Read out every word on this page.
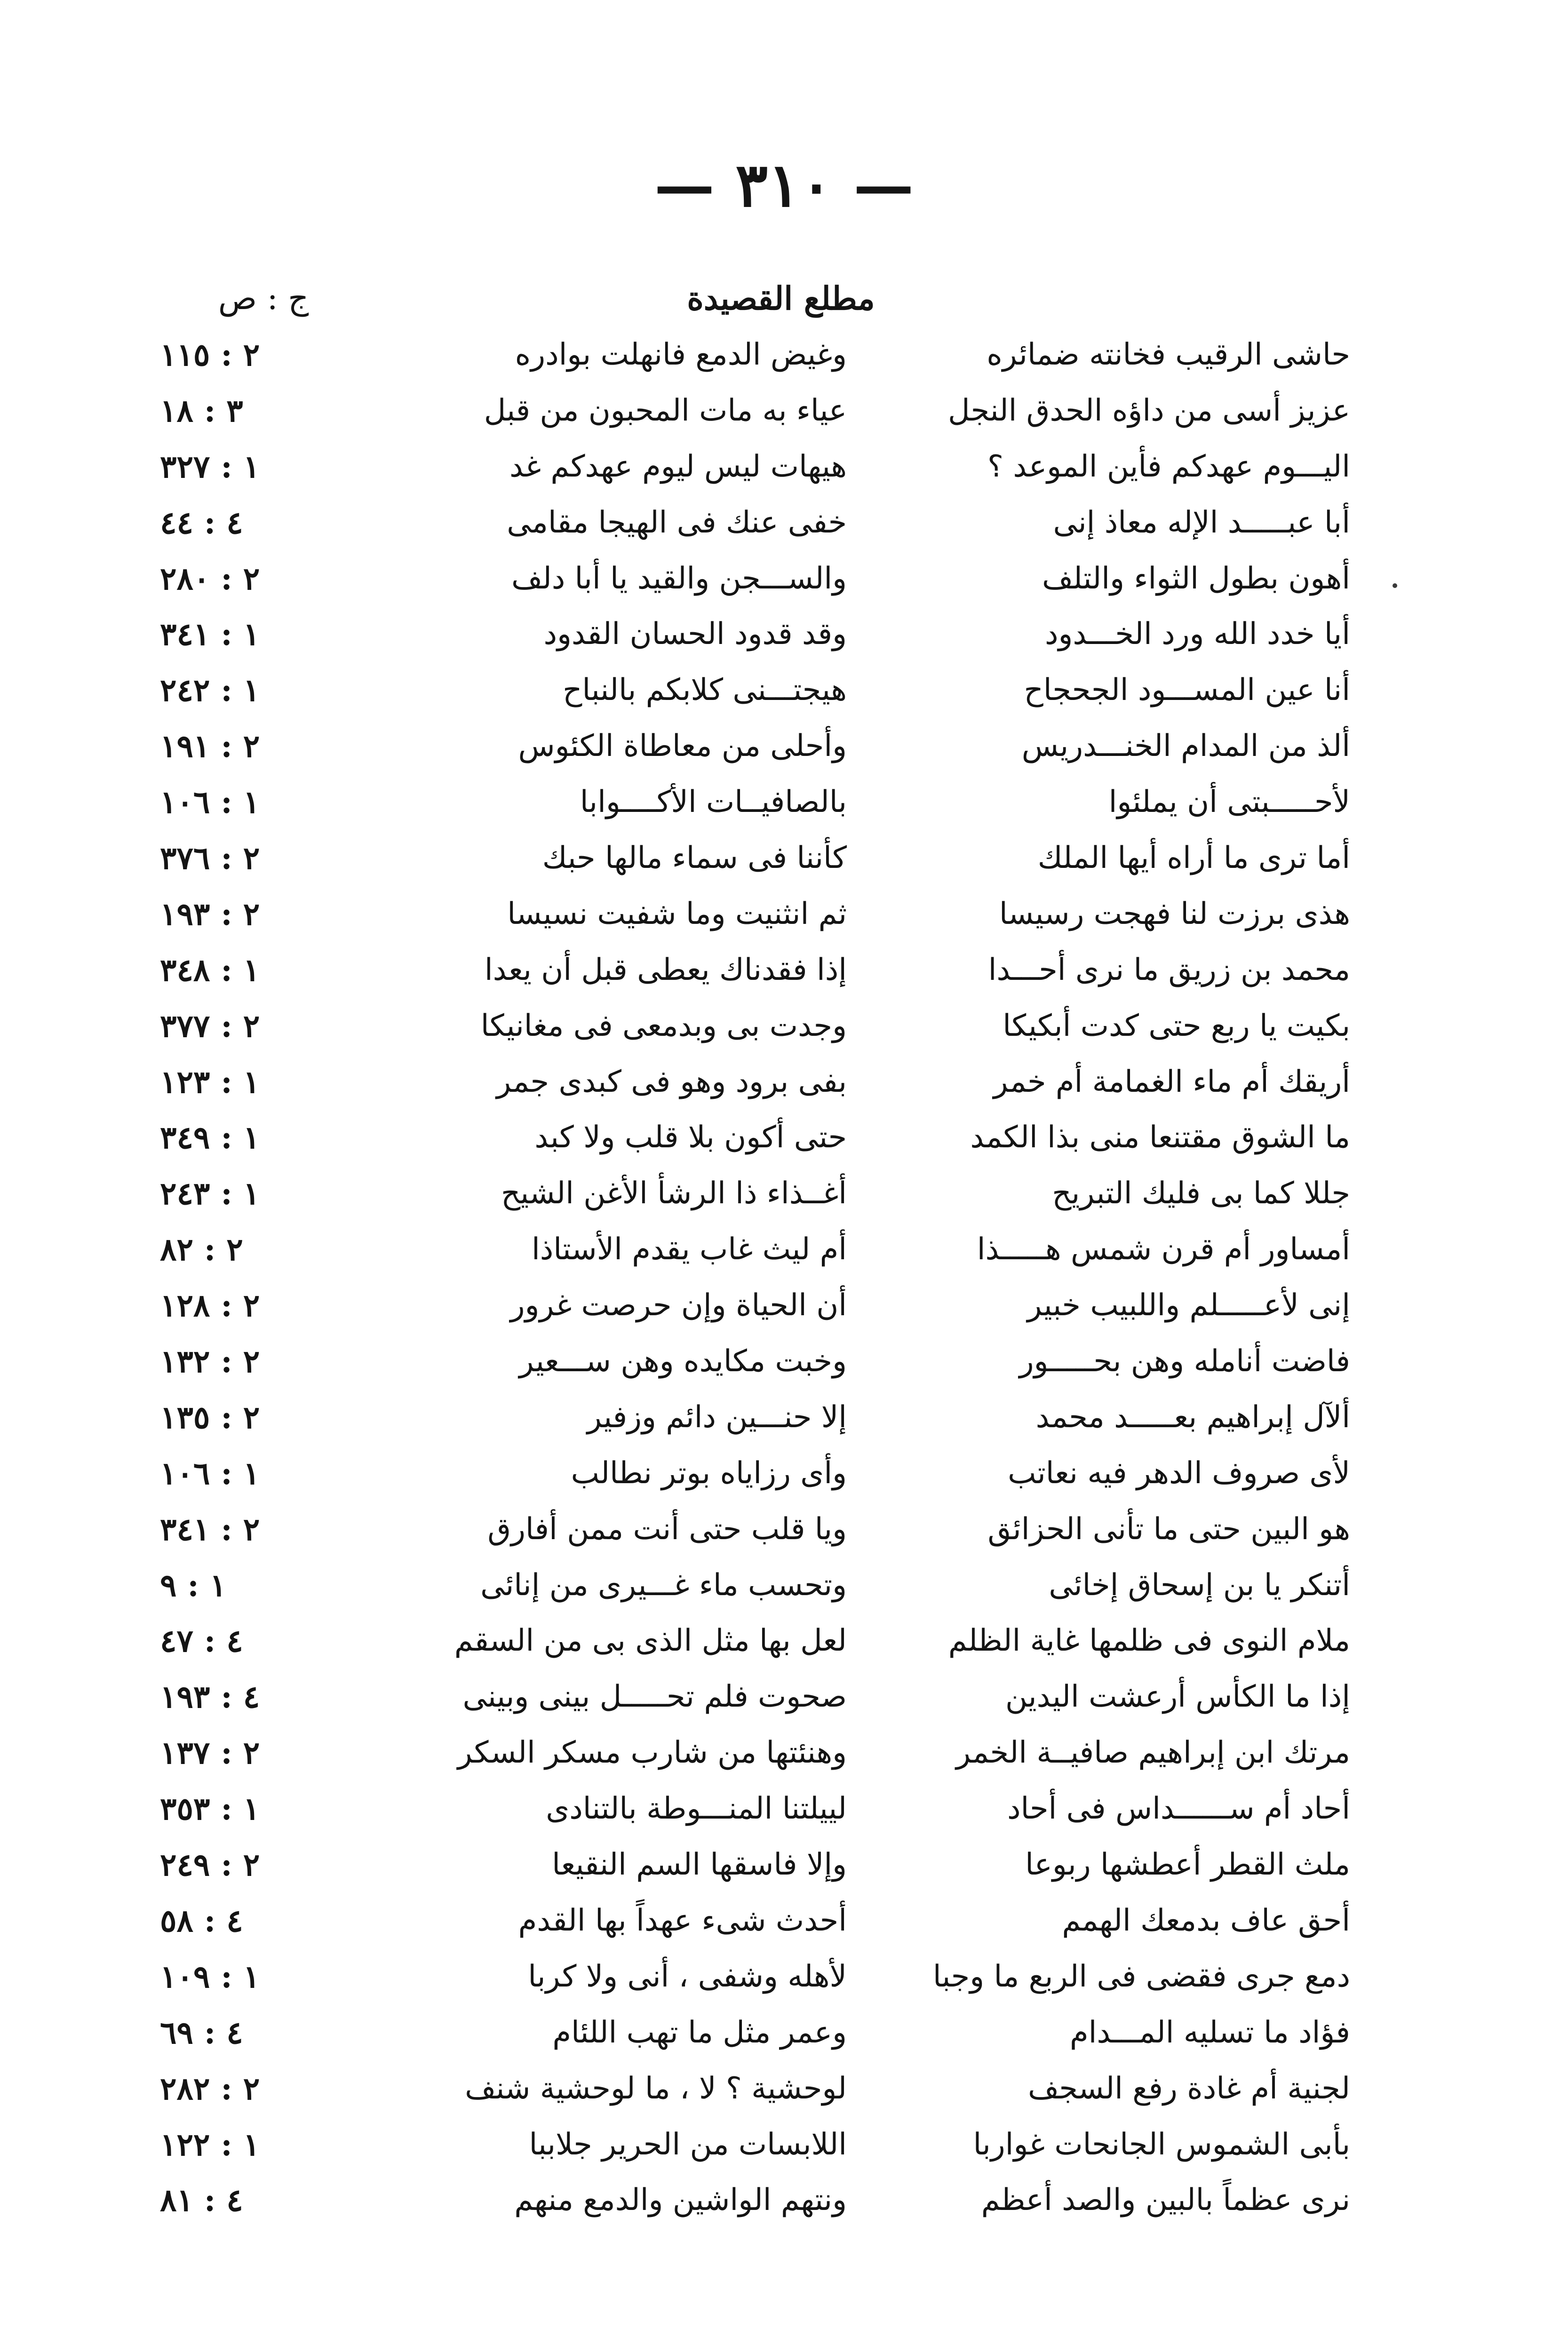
— ٣١٠ —
مطلع القصيدة
ج : ص
حاشى الرقيب فخانته ضمائره
وغيض الدمع فانهلت بوادره
١١٥ : ٢
عزيز أسى من داؤه الحدق النجل
عياء به مات المحبون من قبل
١٨ : ٣
اليـــوم عهدكم فأين الموعد ؟
هيهات ليس ليوم عهدكم غد
٣٢٧ : ١
أبا عبـــــد الإله معاذ إنى
خفى عنك فى الهيجا مقامى
٤٤ : ٤
أهون بطول الثواء والتلف
والســـجن والقيد يا أبا دلف
٢٨٠ : ٢
أيا خدد الله ورد الخـــدود
وقد قدود الحسان القدود
٣٤١ : ١
أنا عين المســـود الجحجاح
هيجتـــنى كلابكم بالنباح
٢٤٢ : ١
ألذ من المدام الخنـــدريس
وأحلى من معاطاة الكئوس
١٩١ : ٢
لأحـــــبتى أن يملئوا
بالصافيــات الأكــــوابا
١٠٦ : ١
أما ترى ما أراه أيها الملك
كأننا فى سماء مالها حبك
٣٧٦ : ٢
هذى برزت لنا فهجت رسيسا
ثم انثنيت وما شفيت نسيسا
١٩٣ : ٢
محمد بن زريق ما نرى أحـــدا
إذا فقدناك يعطى قبل أن يعدا
٣٤٨ : ١
بكيت يا ربع حتى كدت أبكيكا
وجدت بى وبدمعى فى مغانيكا
٣٧٧ : ٢
أريقك أم ماء الغمامة أم خمر
بفى برود وهو فى كبدى جمر
١٢٣ : ١
ما الشوق مقتنعا منى بذا الكمد
حتى أكون بلا قلب ولا كبد
٣٤٩ : ١
جللا كما بى فليك التبريح
أغــذاء ذا الرشأ الأغن الشيح
٢٤٣ : ١
أمساور أم قرن شمس هـــــذا
أم ليث غاب يقدم الأستاذا
٨٢ : ٢
إنى لأعـــــلم واللبيب خبير
أن الحياة وإن حرصت غرور
١٢٨ : ٢
فاضت أنامله وهن بحـــــور
وخبت مكايده وهن ســـعير
١٣٢ : ٢
ألآل إبراهيم بعـــــد محمد
إلا حنـــين دائم وزفير
١٣٥ : ٢
لأى صروف الدهر فيه نعاتب
وأى رزاياه بوتر نطالب
١٠٦ : ١
هو البين حتى ما تأنى الحزائق
ويا قلب حتى أنت ممن أفارق
٣٤١ : ٢
أتنكر يا بن إسحاق إخائى
وتحسب ماء غـــيرى من إنائى
٩ : ١
ملام النوى فى ظلمها غاية الظلم
لعل بها مثل الذى بى من السقم
٤٧ : ٤
إذا ما الكأس أرعشت اليدين
صحوت فلم تحـــــل بينى وبينى
١٩٣ : ٤
مرتك ابن إبراهيم صافيــة الخمر
وهنئتها من شارب مسكر السكر
١٣٧ : ٢
أحاد أم ســــــداس فى أحاد
لييلتنا المنـــوطة بالتنادى
٣٥٣ : ١
ملث القطر أعطشها ربوعا
وإلا فاسقها السم النقيعا
٢٤٩ : ٢
أحق عاف بدمعك الهمم
أحدث شىء عهداً بها القدم
٥٨ : ٤
دمع جرى فقضى فى الربع ما وجبا
لأهله وشفى ، أنى ولا كربا
١٠٩ : ١
فؤاد ما تسليه المـــدام
وعمر مثل ما تهب اللئام
٦٩ : ٤
لجنية أم غادة رفع السجف
لوحشية ؟ لا ، ما لوحشية شنف
٢٨٢ : ٢
بأبى الشموس الجانحات غواربا
اللابسات من الحرير جلاببا
١٢٢ : ١
نرى عظماً بالبين والصد أعظم
ونتهم الواشين والدمع منهم
٨١ : ٤
